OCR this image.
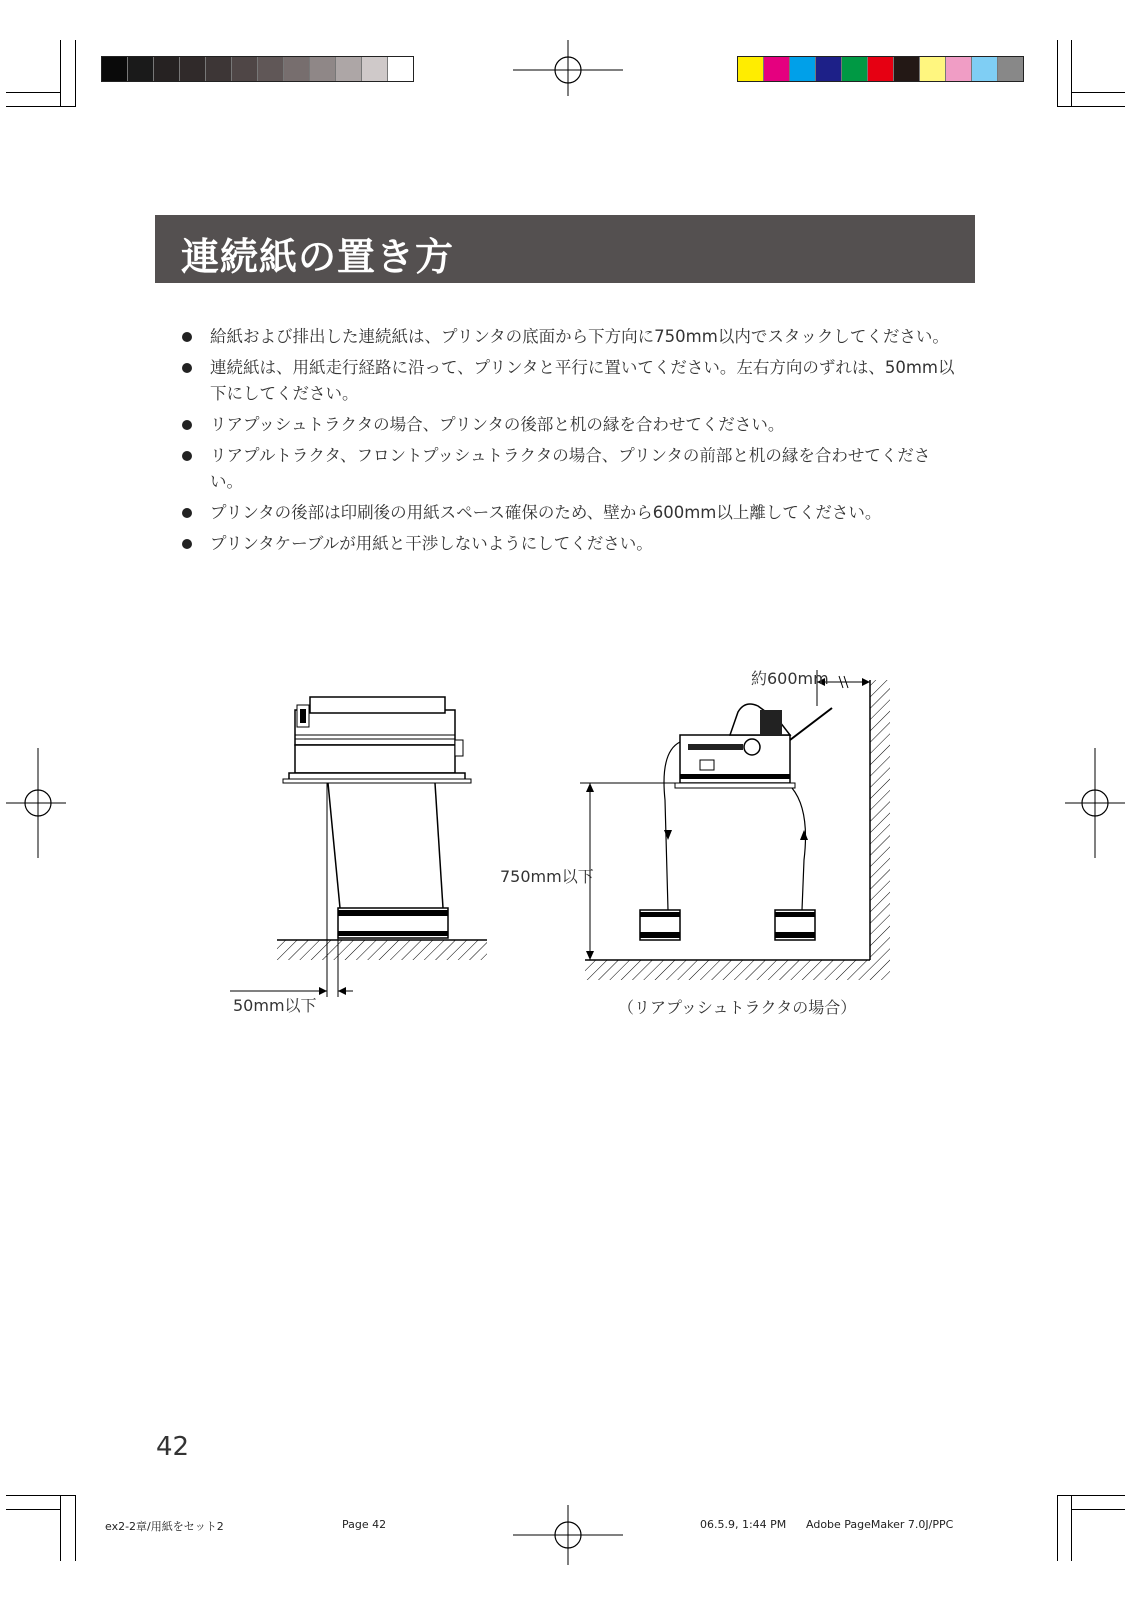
連続紙の置き方
給紙および排出した連続紙は、プリンタの底面から下方向に750mm以内でスタックしてください。
連続紙は、用紙走行経路に沿って、プリンタと平行に置いてください。左右方向のずれは、50mm以下にしてください。
リアプッシュトラクタの場合、プリンタの後部と机の縁を合わせてください。
リアプルトラクタ、フロントプッシュトラクタの場合、プリンタの前部と机の縁を合わせてください。
プリンタの後部は印刷後の用紙スペース確保のため、壁から600mm以上離してください。
プリンタケーブルが用紙と干渉しないようにしてください。
約600mm
750mm以下
50mm以下	（リアプッシュトラクタの場合）
42
ex2-2章/用紙をセット2	Page 42	06.5.9, 1:44 PM Adobe PageMaker 7.0J/PPC
